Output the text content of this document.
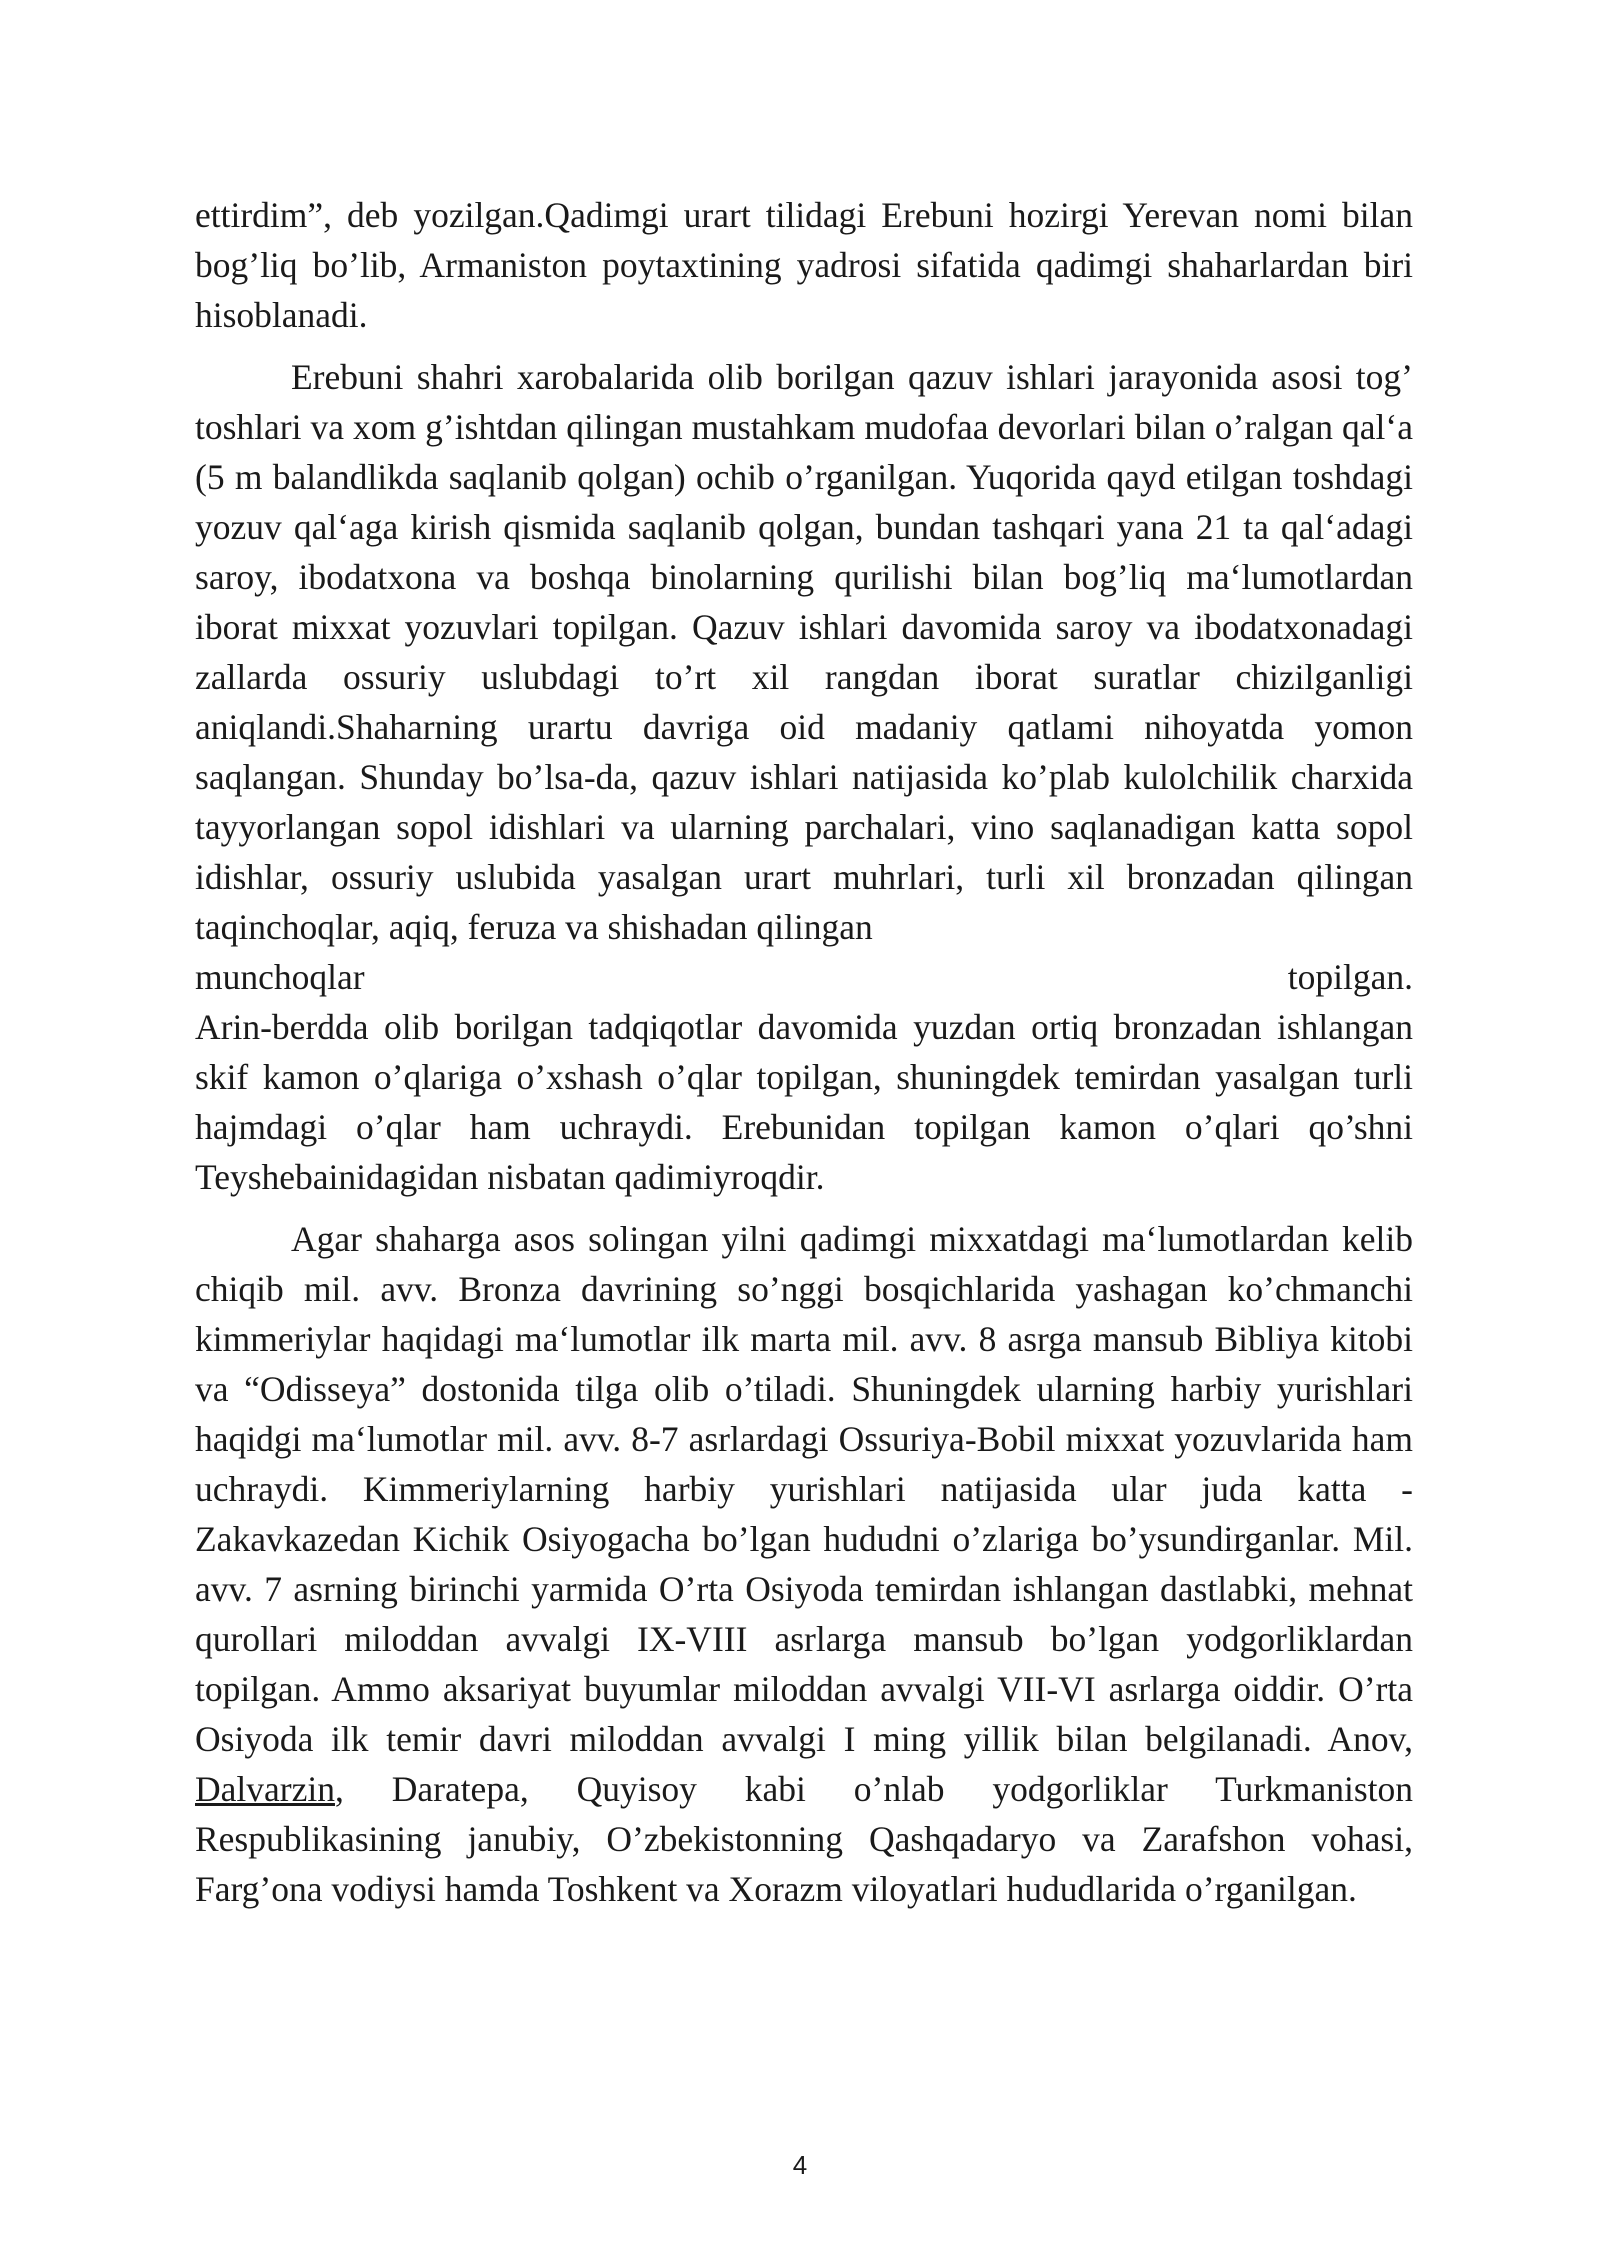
ettirdim”, deb yozilgan.Qadimgi urart tilidagi Erebuni hozirgi Yerevan nomi bilan bog’liq bo’lib, Armaniston poytaxtining yadrosi sifatida qadimgi shaharlardan biri hisoblanadi.

Erebuni shahri xarobalarida olib borilgan qazuv ishlari jarayonida asosi tog’ toshlari va xom g’ishtdan qilingan mustahkam mudofaa devorlari bilan o’ralgan qal‘a (5 m balandlikda saqlanib qolgan) ochib o’rganilgan. Yuqorida qayd etilgan toshdagi yozuv qal‘aga kirish qismida saqlanib qolgan, bundan tashqari yana 21 ta qal‘adagi saroy, ibodatxona va boshqa binolarning qurilishi bilan bog’liq ma‘lumotlardan iborat mixxat yozuvlari topilgan. Qazuv ishlari davomida saroy va ibodatxonadagi zallarda ossuriy uslubdagi to’rt xil rangdan iborat suratlar chizilganligi aniqlandi.Shaharning urartu davriga oid madaniy qatlami nihoyatda yomon saqlangan. Shunday bo’lsa-da, qazuv ishlari natijasida ko’plab kulolchilik charxida tayyorlangan sopol idishlari va ularning parchalari, vino saqlanadigan katta sopol idishlar, ossuriy uslubida yasalgan urart muhrlari, turli xil bronzadan qilingan taqinchoqlar, aqiq, feruza va shishadan qilingan
munchoqlar	topilgan.
Arin-berdda olib borilgan tadqiqotlar davomida yuzdan ortiq bronzadan ishlangan skif kamon o’qlariga o’xshash o’qlar topilgan, shuningdek temirdan yasalgan turli hajmdagi o’qlar ham uchraydi. Erebunidan topilgan kamon o’qlari qo’shni Teyshebainidagidan nisbatan qadimiyroqdir.

Agar shaharga asos solingan yilni qadimgi mixxatdagi ma‘lumotlardan kelib chiqib mil. avv. Bronza davrining so’nggi bosqichlarida yashagan ko’chmanchi kimmeriylar haqidagi ma‘lumotlar ilk marta mil. avv. 8 asrga mansub Bibliya kitobi va “Odisseya” dostonida tilga olib o’tiladi. Shuningdek ularning harbiy yurishlari haqidgi ma‘lumotlar mil. avv. 8-7 asrlardagi Ossuriya-Bobil mixxat yozuvlarida ham uchraydi. Kimmeriylarning harbiy yurishlari natijasida ular juda katta - Zakavkazedan Kichik Osiyogacha bo’lgan hududni o’zlariga bo’ysundirganlar. Mil. avv. 7 asrning birinchi yarmida O’rta Osiyoda temirdan ishlangan dastlabki, mehnat qurollari miloddan avvalgi IX-VIII asrlarga mansub bo’lgan yodgorliklardan topilgan. Ammo aksariyat buyumlar miloddan avvalgi VII-VI asrlarga oiddir. O’rta Osiyoda ilk temir davri miloddan avvalgi I ming yillik bilan belgilanadi. Anov, Dalvarzin, Daratepa, Quyisoy kabi o’nlab yodgorliklar Turkmaniston Respublikasining janubiy, O’zbekistonning Qashqadaryo va Zarafshon vohasi, Farg’ona vodiysi hamda Toshkent va Xorazm viloyatlari hududlarida o’rganilgan.

4
